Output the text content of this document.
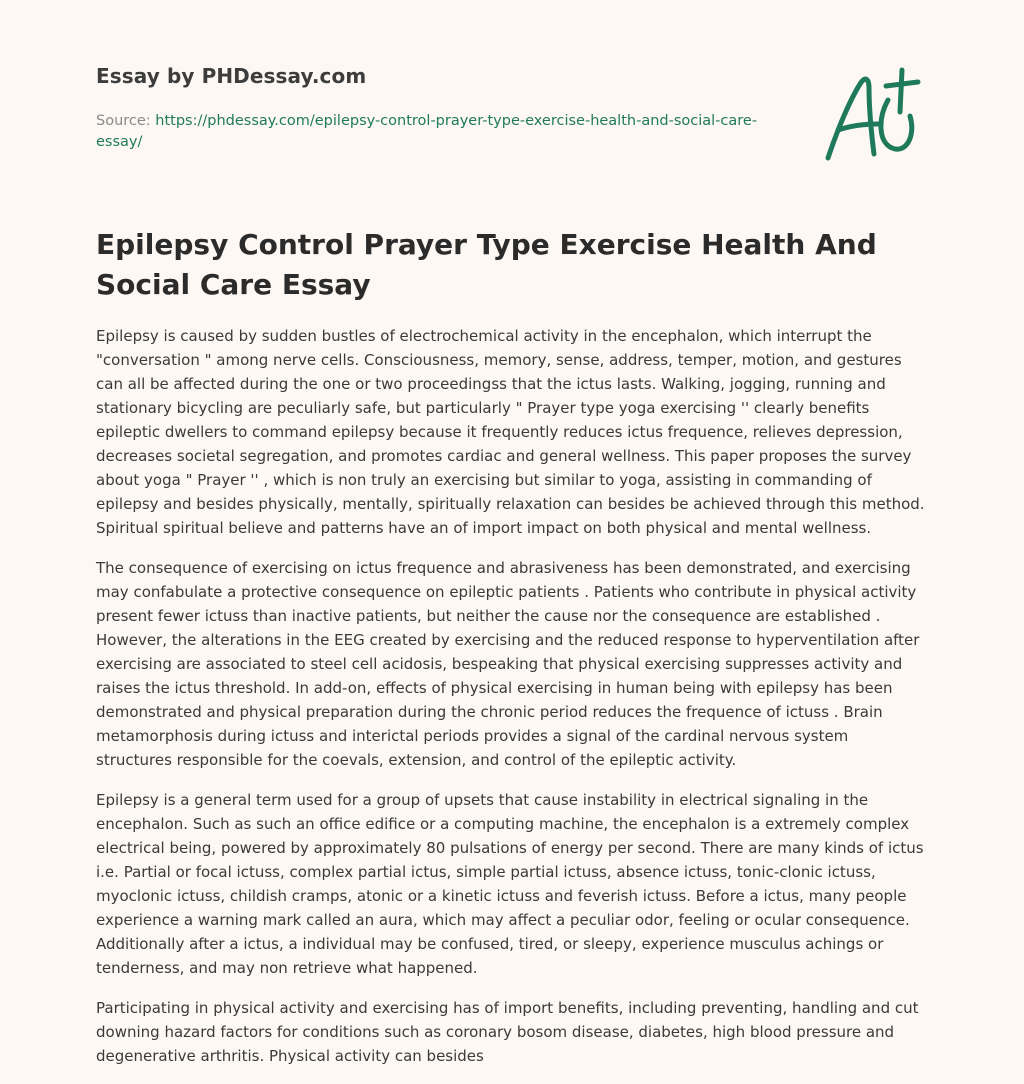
Essay by PHDessay.com
Source: https://phdessay.com/epilepsy-control-prayer-type-exercise-health-and-social-care-essay/
Epilepsy Control Prayer Type Exercise Health And Social Care Essay

Epilepsy is caused by sudden bustles of electrochemical activity in the encephalon, which interrupt the "conversation " among nerve cells. Consciousness, memory, sense, address, temper, motion, and gestures can all be affected during the one or two proceedingss that the ictus lasts. Walking, jogging, running and stationary bicycling are peculiarly safe, but particularly " Prayer type yoga exercising '' clearly benefits epileptic dwellers to command epilepsy because it frequently reduces ictus frequence, relieves depression, decreases societal segregation, and promotes cardiac and general wellness. This paper proposes the survey about yoga " Prayer '' , which is non truly an exercising but similar to yoga, assisting in commanding of epilepsy and besides physically, mentally, spiritually relaxation can besides be achieved through this method. Spiritual spiritual believe and patterns have an of import impact on both physical and mental wellness.

The consequence of exercising on ictus frequence and abrasiveness has been demonstrated, and exercising may confabulate a protective consequence on epileptic patients . Patients who contribute in physical activity present fewer ictuss than inactive patients, but neither the cause nor the consequence are established . However, the alterations in the EEG created by exercising and the reduced response to hyperventilation after exercising are associated to steel cell acidosis, bespeaking that physical exercising suppresses activity and raises the ictus threshold. In add-on, effects of physical exercising in human being with epilepsy has been demonstrated and physical preparation during the chronic period reduces the frequence of ictuss . Brain metamorphosis during ictuss and interictal periods provides a signal of the cardinal nervous system structures responsible for the coevals, extension, and control of the epileptic activity.

Epilepsy is a general term used for a group of upsets that cause instability in electrical signaling in the encephalon. Such as such an office edifice or a computing machine, the encephalon is a extremely complex electrical being, powered by approximately 80 pulsations of energy per second. There are many kinds of ictus i.e. Partial or focal ictuss, complex partial ictus, simple partial ictuss, absence ictuss, tonic-clonic ictuss, myoclonic ictuss, childish cramps, atonic or a kinetic ictuss and feverish ictuss. Before a ictus, many people experience a warning mark called an aura, which may affect a peculiar odor, feeling or ocular consequence. Additionally after a ictus, a individual may be confused, tired, or sleepy, experience musculus achings or tenderness, and may non retrieve what happened.

Participating in physical activity and exercising has of import benefits, including preventing, handling and cut downing hazard factors for conditions such as coronary bosom disease, diabetes, high blood pressure and degenerative arthritis. Physical activity can besides
